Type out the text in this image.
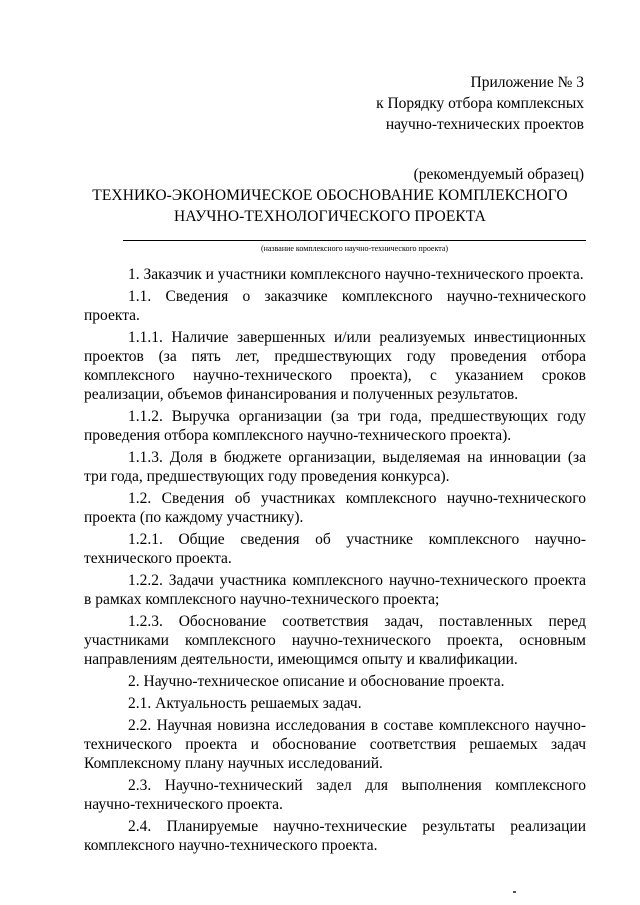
Приложение № 3
к Порядку отбора комплексных
научно-технических проектов
(рекомендуемый образец)
ТЕХНИКО-ЭКОНОМИЧЕСКОЕ ОБОСНОВАНИЕ КОМПЛЕКСНОГО
НАУЧНО-ТЕХНОЛОГИЧЕСКОГО ПРОЕКТА
(название комплексного научно-технического проекта)
1. Заказчик и участники комплексного научно-технического проекта.
1.1. Сведения о заказчике комплексного научно-технического проекта.
1.1.1. Наличие завершенных и/или реализуемых инвестиционных проектов (за пять лет, предшествующих году проведения отбора комплексного научно-технического проекта), с указанием сроков реализации, объемов финансирования и полученных результатов.
1.1.2. Выручка организации (за три года, предшествующих году проведения отбора комплексного научно-технического проекта).
1.1.3. Доля в бюджете организации, выделяемая на инновации (за три года, предшествующих году проведения конкурса).
1.2. Сведения об участниках комплексного научно-технического проекта (по каждому участнику).
1.2.1. Общие сведения об участнике комплексного научно-технического проекта.
1.2.2. Задачи участника комплексного научно-технического проекта в рамках комплексного научно-технического проекта;
1.2.3. Обоснование соответствия задач, поставленных перед участниками комплексного научно-технического проекта, основным направлениям деятельности, имеющимся опыту и квалификации.
2. Научно-техническое описание и обоснование проекта.
2.1. Актуальность решаемых задач.
2.2. Научная новизна исследования в составе комплексного научно-технического проекта и обоснование соответствия решаемых задач Комплексному плану научных исследований.
2.3. Научно-технический задел для выполнения комплексного научно-технического проекта.
2.4. Планируемые научно-технические результаты реализации комплексного научно-технического проекта.
